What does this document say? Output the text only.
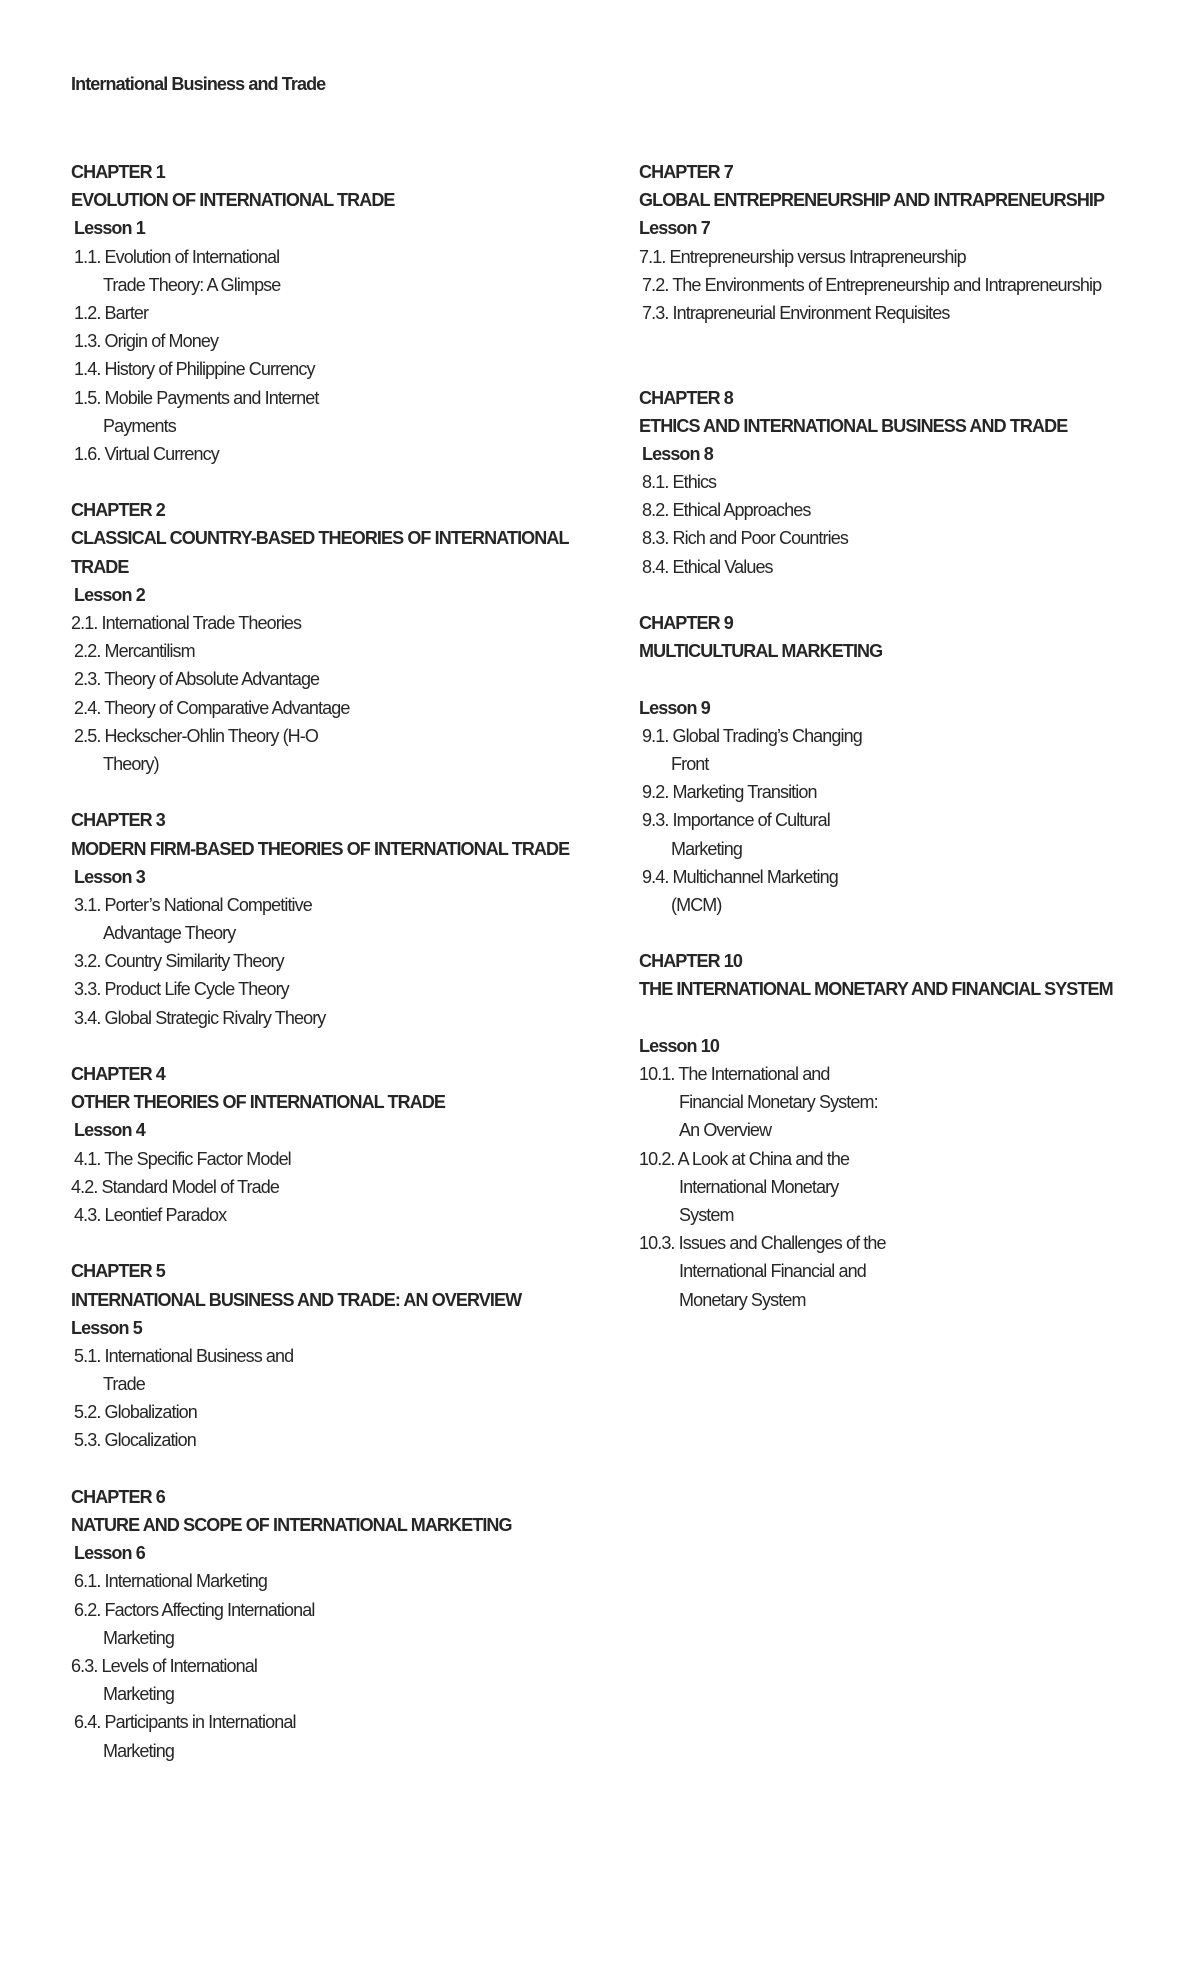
International Business and Trade
CHAPTER 1
EVOLUTION OF INTERNATIONAL TRADE
Lesson 1
1.1. Evolution of International
Trade Theory: A Glimpse
1.2. Barter
1.3. Origin of Money
1.4. History of Philippine Currency
1.5. Mobile Payments and Internet
Payments
1.6. Virtual Currency
CHAPTER 2
CLASSICAL COUNTRY-BASED THEORIES OF INTERNATIONAL
TRADE
Lesson 2
2.1. International Trade Theories
2.2. Mercantilism
2.3. Theory of Absolute Advantage
2.4. Theory of Comparative Advantage
2.5. Heckscher-Ohlin Theory (H-O
Theory)
CHAPTER 3
MODERN FIRM-BASED THEORIES OF INTERNATIONAL TRADE
Lesson 3
3.1. Porter’s National Competitive
Advantage Theory
3.2. Country Similarity Theory
3.3. Product Life Cycle Theory
3.4. Global Strategic Rivalry Theory
CHAPTER 4
OTHER THEORIES OF INTERNATIONAL TRADE
Lesson 4
4.1. The Specific Factor Model
4.2. Standard Model of Trade
4.3. Leontief Paradox
CHAPTER 5
INTERNATIONAL BUSINESS AND TRADE: AN OVERVIEW
Lesson 5
5.1. International Business and
Trade
5.2. Globalization
5.3. Glocalization
CHAPTER 6
NATURE AND SCOPE OF INTERNATIONAL MARKETING
Lesson 6
6.1. International Marketing
6.2. Factors Affecting International
Marketing
6.3. Levels of International
Marketing
6.4. Participants in International
Marketing
CHAPTER 7
GLOBAL ENTREPRENEURSHIP AND INTRAPRENEURSHIP
Lesson 7
7.1. Entrepreneurship versus Intrapreneurship
7.2. The Environments of Entrepreneurship and Intrapreneurship
7.3. Intrapreneurial Environment Requisites
CHAPTER 8
ETHICS AND INTERNATIONAL BUSINESS AND TRADE
Lesson 8
8.1. Ethics
8.2. Ethical Approaches
8.3. Rich and Poor Countries
8.4. Ethical Values
CHAPTER 9
MULTICULTURAL MARKETING
Lesson 9
9.1. Global Trading’s Changing
Front
9.2. Marketing Transition
9.3. Importance of Cultural
Marketing
9.4. Multichannel Marketing
(MCM)
CHAPTER 10
THE INTERNATIONAL MONETARY AND FINANCIAL SYSTEM
Lesson 10
10.1. The International and
Financial Monetary System:
An Overview
10.2. A Look at China and the
International Monetary
System
10.3. Issues and Challenges of the
International Financial and
Monetary System
